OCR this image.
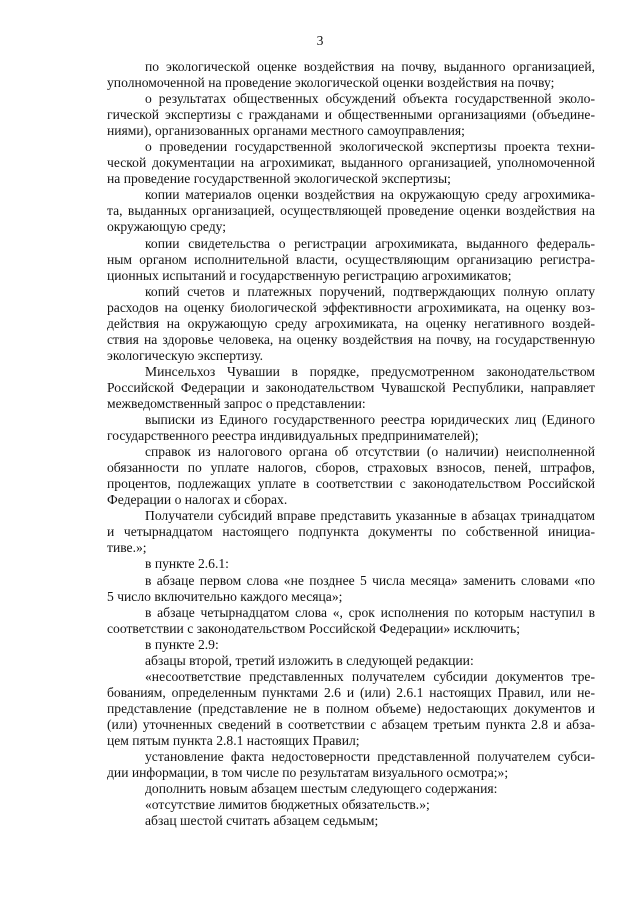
3
по экологической оценке воздействия на почву, выданного организацией,
уполномоченной на проведение экологической оценки воздействия на почву;
о результатах общественных обсуждений объекта государственной эколо-
гической экспертизы с гражданами и общественными организациями (объедине-
ниями), организованных органами местного самоуправления;
о проведении государственной экологической экспертизы проекта техни-
ческой документации на агрохимикат, выданного организацией, уполномоченной
на проведение государственной экологической экспертизы;
копии материалов оценки воздействия на окружающую среду агрохимика-
та, выданных организацией, осуществляющей проведение оценки воздействия на
окружающую среду;
копии свидетельства о регистрации агрохимиката, выданного федераль-
ным органом исполнительной власти, осуществляющим организацию регистра-
ционных испытаний и государственную регистрацию агрохимикатов;
копий счетов и платежных поручений, подтверждающих полную оплату
расходов на оценку биологической эффективности агрохимиката, на оценку воз-
действия на окружающую среду агрохимиката, на оценку негативного воздей-
ствия на здоровье человека, на оценку воздействия на почву, на государственную
экологическую экспертизу.
Минсельхоз Чувашии в порядке, предусмотренном законодательством
Российской Федерации и законодательством Чувашской Республики, направляет
межведомственный запрос о представлении:
выписки из Единого государственного реестра юридических лиц (Единого
государственного реестра индивидуальных предпринимателей);
справок из налогового органа об отсутствии (о наличии) неисполненной
обязанности по уплате налогов, сборов, страховых взносов, пеней, штрафов,
процентов, подлежащих уплате в соответствии с законодательством Российской
Федерации о налогах и сборах.
Получатели субсидий вправе представить указанные в абзацах тринадцатом
и четырнадцатом настоящего подпункта документы по собственной инициа-
тиве.»;
в пункте 2.6.1:
в абзаце первом слова «не позднее 5 числа месяца» заменить словами «по
5 число включительно каждого месяца»;
в абзаце четырнадцатом слова «, срок исполнения по которым наступил в
соответствии с законодательством Российской Федерации» исключить;
в пункте 2.9:
абзацы второй, третий изложить в следующей редакции:
«несоответствие представленных получателем субсидии документов тре-
бованиям, определенным пунктами 2.6 и (или) 2.6.1 настоящих Правил, или не-
представление (представление не в полном объеме) недостающих документов и
(или) уточненных сведений в соответствии с абзацем третьим пункта 2.8 и абза-
цем пятым пункта 2.8.1 настоящих Правил;
установление факта недостоверности представленной получателем субси-
дии информации, в том числе по результатам визуального осмотра;»;
дополнить новым абзацем шестым следующего содержания:
«отсутствие лимитов бюджетных обязательств.»;
абзац шестой считать абзацем седьмым;
